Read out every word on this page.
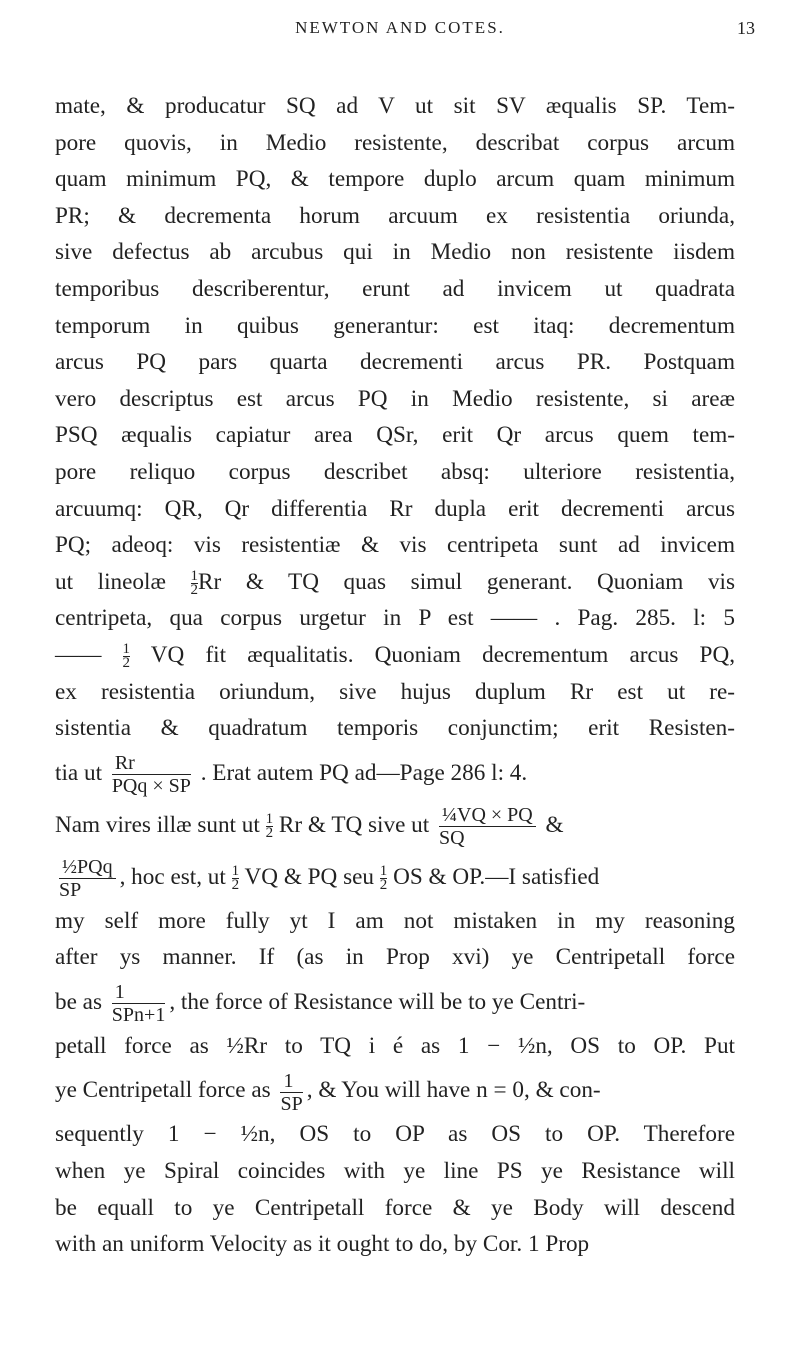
NEWTON AND COTES.	13
mate, & producatur SQ ad V ut sit SV æqualis SP. Tem-
pore quovis, in Medio resistente, describat corpus arcum
quam minimum PQ, & tempore duplo arcum quam minimum
PR; & decrementa horum arcuum ex resistentia oriunda,
sive defectus ab arcubus qui in Medio non resistente iisdem
temporibus describerentur, erunt ad invicem ut quadrata
temporum in quibus generantur: est itaq: decrementum
arcus PQ pars quarta decrementi arcus PR. Postquam
vero descriptus est arcus PQ in Medio resistente, si areæ
PSQ æqualis capiatur area QSr, erit Qr arcus quem tem-
pore reliquo corpus describet absq: ulteriore resistentia,
arcuumq: QR, Qr differentia Rr dupla erit decrementi arcus
PQ; adeoq: vis resistentiæ & vis centripeta sunt ad invicem
ut lineolæ $\frac{1}{2}$ Rr & TQ quas simul generant. Quoniam vis
centripeta, qua corpus urgetur in P est —— . Pag. 285. l: 5
—— $\frac{1}{2}$ VQ fit æqualitatis. Quoniam decrementum arcus PQ,
ex resistentia oriundum, sive hujus duplum Rr est ut re-
sistentia & quadratum temporis conjunctim; erit Resisten-
tia ut $\frac{Rr}{\text{PQq × SP}}$ . Erat autem PQ ad—Page 286 l: 4.
Nam vires illæ sunt ut $\frac{1}{2}$ Rr & TQ sive ut $\frac{\text{¼VQ × PQ}}{SQ}$ &
$\frac{\text{½PQq}}{SP}$ , hoc est, ut $\frac{1}{2}$ VQ & PQ seu $\frac{1}{2}$ OS & OP.—I satisfied
my self more fully yt I am not mistaken in my reasoning
after ys manner. If (as in Prop xvi) ye Centripetall force
be as $\frac{1}{\text{SPn+1}}$ , the force of Resistance will be to ye Centri-
petall force as ½Rr to TQ i é as 1 − ½n, OS to OP. Put
ye Centripetall force as $\frac{1}{SP}$ , & You will have n = 0, & con-
sequently 1 − ½n, OS to OP as OS to OP. Therefore
when ye Spiral coincides with ye line PS ye Resistance will
be equall to ye Centripetall force & ye Body will descend
with an uniform Velocity as it ought to do, by Cor. 1 Prop
